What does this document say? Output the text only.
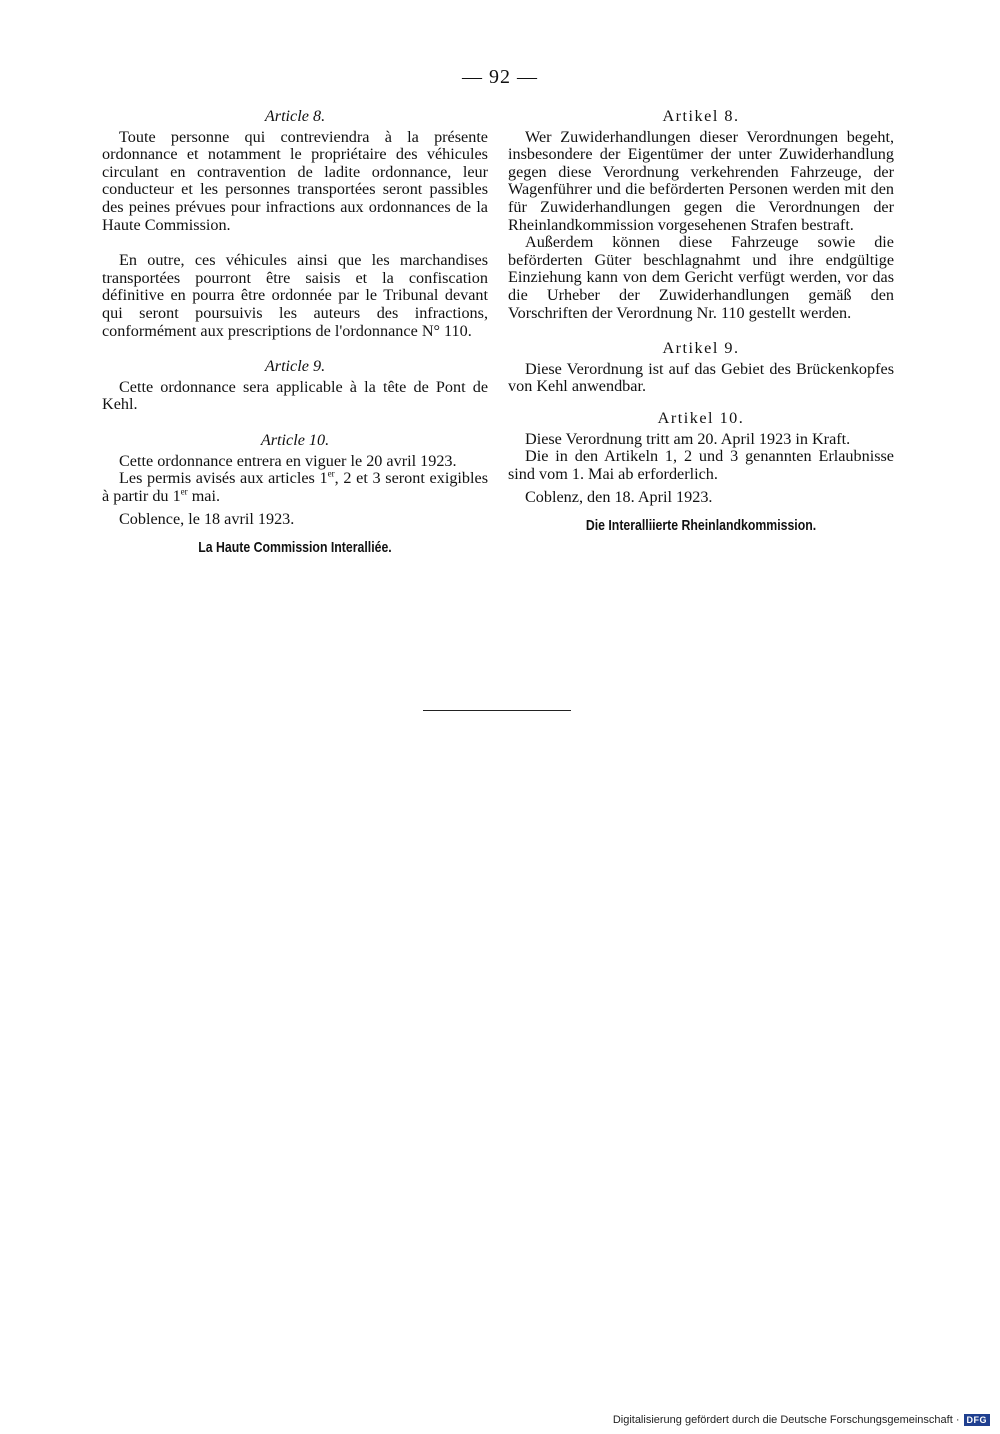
— 92 —
Article 8.

Toute personne qui contreviendra à la présente ordonnance et notamment le propriétaire des véhicules circulant en contravention de ladite ordonnance, leur conducteur et les personnes transportées seront passibles des peines prévues pour infractions aux ordonnances de la Haute Commission.

En outre, ces véhicules ainsi que les marchandises transportées pourront être saisis et la confiscation définitive en pourra être ordonnée par le Tribunal devant qui seront poursuivis les auteurs des infractions, conformément aux prescriptions de l'ordonnance N° 110.

Article 9.

Cette ordonnance sera applicable à la tête de Pont de Kehl.

Article 10.

Cette ordonnance entrera en viguer le 20 avril 1923.

Les permis avisés aux articles 1er, 2 et 3 seront exigibles à partir du 1er mai.

Coblence, le 18 avril 1923.

La Haute Commission Interalliée.
Artikel 8.

Wer Zuwiderhandlungen dieser Verordnungen begeht, insbesondere der Eigentümer der unter Zuwiderhandlung gegen diese Verordnung verkehrenden Fahrzeuge, der Wagenführer und die beförderten Personen werden mit den für Zuwiderhandlungen gegen die Verordnungen der Rheinlandkommission vorgesehenen Strafen bestraft.

Außerdem können diese Fahrzeuge sowie die beförderten Güter beschlagnahmt und ihre endgültige Einziehung kann von dem Gericht verfügt werden, vor das die Urheber der Zuwiderhandlungen gemäß den Vorschriften der Verordnung Nr. 110 gestellt werden.

Artikel 9.

Diese Verordnung ist auf das Gebiet des Brückenkopfes von Kehl anwendbar.

Artikel 10.

Diese Verordnung tritt am 20. April 1923 in Kraft.

Die in den Artikeln 1, 2 und 3 genannten Erlaubnisse sind vom 1. Mai ab erforderlich.

Coblenz, den 18. April 1923.

Die Interalliierte Rheinlandkommission.
Digitalisierung gefördert durch die Deutsche Forschungsgemeinschaft · DFG
